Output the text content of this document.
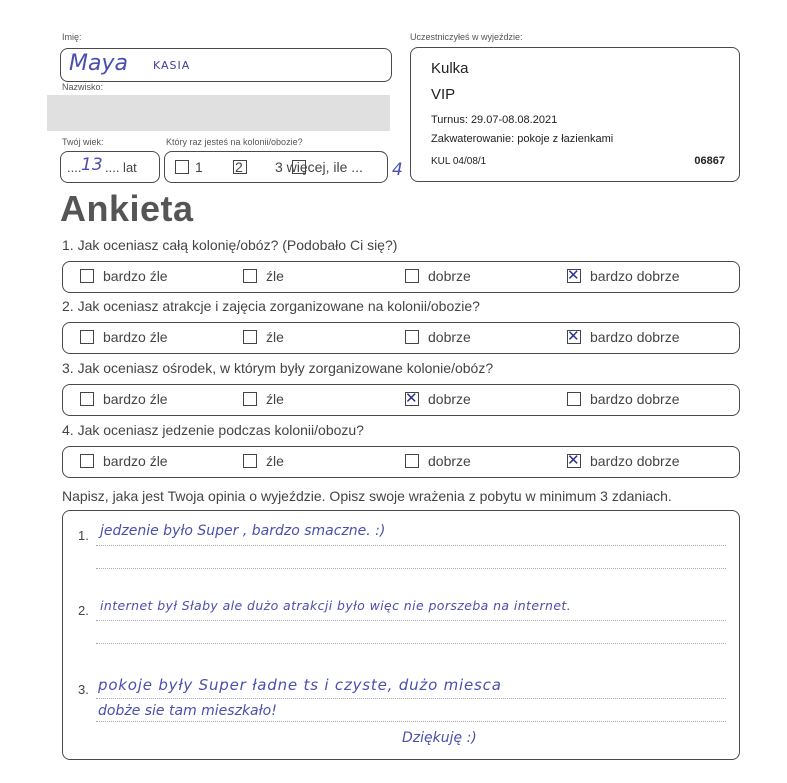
Imię:
Maya KASIA
Nazwisko:
Twój wiek:
.... 13 .... lat
Który raz jesteś na kolonii/obozie?

1
2 3 więcej, ile ... 4
Uczestniczyłeś w wyjeździe:
Kulka
VIP
Turnus: 29.07-08.08.2021
Zakwaterowanie: pokoje z łazienkami
KUL 04/08/1	06867
Ankieta
1. Jak oceniasz całą kolonię/obóz? (Podobało Ci się?)
bardzo źle	źle	dobrze ✕	bardzo dobrze
2. Jak oceniasz atrakcje i zajęcia zorganizowane na kolonii/obozie?
bardzo źle	źle	dobrze ✕	bardzo dobrze
3. Jak oceniasz ośrodek, w którym były zorganizowane kolonie/obóz?
bardzo źle	źle ✕	dobrze	bardzo dobrze
4. Jak oceniasz jedzenie podczas kolonii/obozu?
bardzo źle	źle	dobrze ✕	bardzo dobrze
Napisz, jaka jest Twoja opinia o wyjeździe. Opisz swoje wrażenia z pobytu w minimum 3 zdaniach.
1.
2.
3.
jedzenie było Super , bardzo smaczne. :)
internet był Słaby ale dużo atrakcji było więc nie porszeba na internet.
pokoje były Super ładne ts i czyste, dużo miesca
dobże sie tam mieszkało!
Dziękuję :)
